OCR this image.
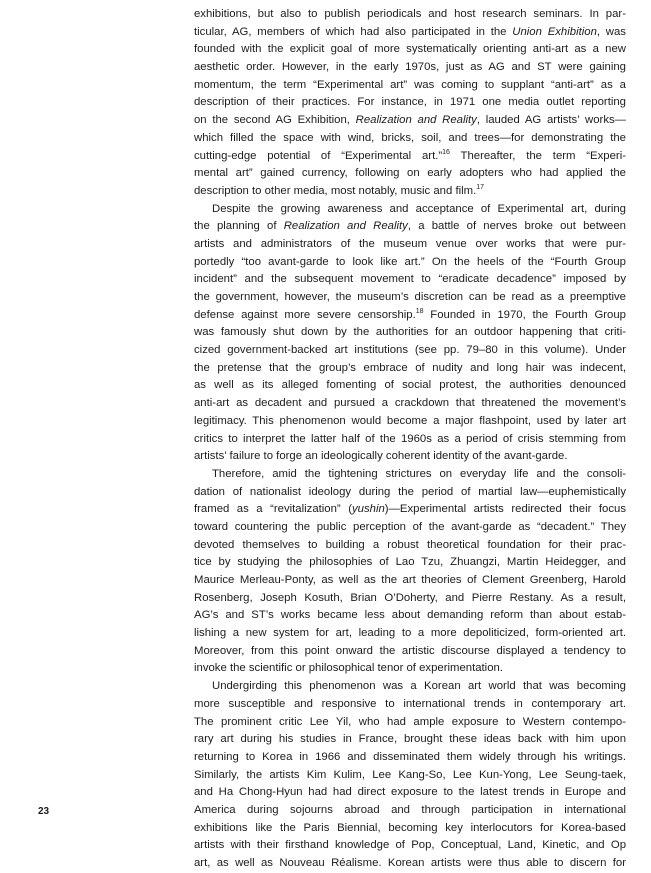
exhibitions, but also to publish periodicals and host research seminars. In par-
ticular, AG, members of which had also participated in the Union Exhibition, was
founded with the explicit goal of more systematically orienting anti-art as a new
aesthetic order. However, in the early 1970s, just as AG and ST were gaining
momentum, the term “Experimental art” was coming to supplant “anti-art” as a
description of their practices. For instance, in 1971 one media outlet reporting
on the second AG Exhibition, Realization and Reality, lauded AG artists’ works—
which filled the space with wind, bricks, soil, and trees—for demonstrating the
cutting-edge potential of “Experimental art.”$^{16}$ Thereafter, the term “Experi-
mental art” gained currency, following on early adopters who had applied the
description to other media, most notably, music and film.$^{17}$
Despite the growing awareness and acceptance of Experimental art, during
the planning of Realization and Reality, a battle of nerves broke out between
artists and administrators of the museum venue over works that were pur-
portedly “too avant-garde to look like art.” On the heels of the “Fourth Group
incident” and the subsequent movement to “eradicate decadence” imposed by
the government, however, the museum’s discretion can be read as a preemptive
defense against more severe censorship.$^{18}$ Founded in 1970, the Fourth Group
was famously shut down by the authorities for an outdoor happening that criti-
cized government-backed art institutions (see pp. 79–80 in this volume). Under
the pretense that the group’s embrace of nudity and long hair was indecent,
as well as its alleged fomenting of social protest, the authorities denounced
anti-art as decadent and pursued a crackdown that threatened the movement’s
legitimacy. This phenomenon would become a major flashpoint, used by later art
critics to interpret the latter half of the 1960s as a period of crisis stemming from
artists’ failure to forge an ideologically coherent identity of the avant-garde.
Therefore, amid the tightening strictures on everyday life and the consoli-
dation of nationalist ideology during the period of martial law—euphemistically
framed as a “revitalization” (yushin)—Experimental artists redirected their focus
toward countering the public perception of the avant-garde as “decadent.” They
devoted themselves to building a robust theoretical foundation for their prac-
tice by studying the philosophies of Lao Tzu, Zhuangzi, Martin Heidegger, and
Maurice Merleau-Ponty, as well as the art theories of Clement Greenberg, Harold
Rosenberg, Joseph Kosuth, Brian O’Doherty, and Pierre Restany. As a result,
AG’s and ST’s works became less about demanding reform than about estab-
lishing a new system for art, leading to a more depoliticized, form-oriented art.
Moreover, from this point onward the artistic discourse displayed a tendency to
invoke the scientific or philosophical tenor of experimentation.
Undergirding this phenomenon was a Korean art world that was becoming
more susceptible and responsive to international trends in contemporary art.
The prominent critic Lee Yil, who had ample exposure to Western contempo-
rary art during his studies in France, brought these ideas back with him upon
returning to Korea in 1966 and disseminated them widely through his writings.
Similarly, the artists Kim Kulim, Lee Kang-So, Lee Kun-Yong, Lee Seung-taek,
and Ha Chong-Hyun had had direct exposure to the latest trends in Europe and
America during sojourns abroad and through participation in international
exhibitions like the Paris Biennial, becoming key interlocutors for Korea-based
artists with their firsthand knowledge of Pop, Conceptual, Land, Kinetic, and Op
art, as well as Nouveau Réalisme. Korean artists were thus able to discern for
23
